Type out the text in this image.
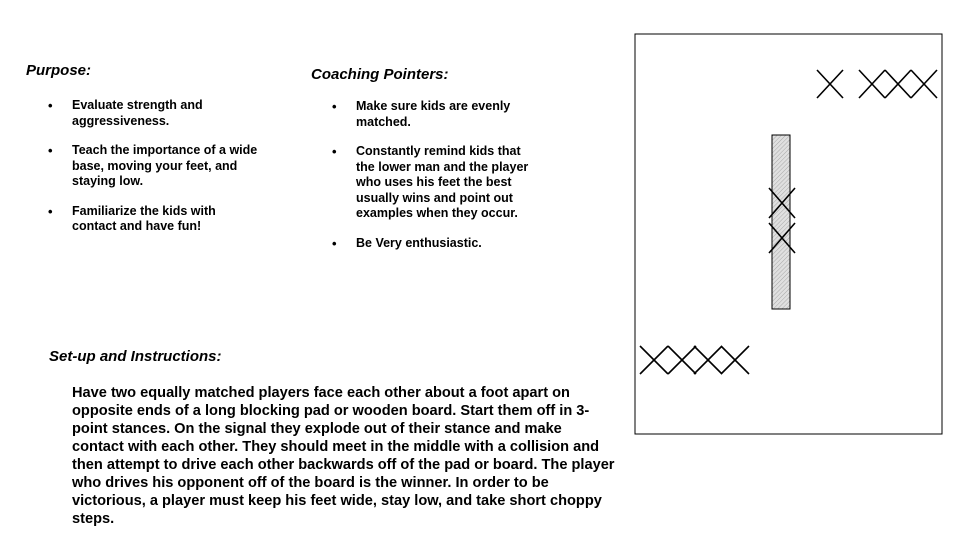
Purpose:
• Evaluate strength and aggressiveness.
• Teach the importance of a wide base, moving your feet, and staying low.
• Familiarize the kids with contact and have fun!
Coaching Pointers:
• Make sure kids are evenly matched.
• Constantly remind kids that the lower man and the player who uses his feet the best usually wins and point out examples when they occur.
• Be Very enthusiastic.
Set-up and Instructions:

Have two equally matched players face each other about a foot apart on opposite ends of a long blocking pad or wooden board. Start them off in 3-point stances. On the signal they explode out of their stance and make contact with each other. They should meet in the middle with a collision and then attempt to drive each other backwards off of the pad or board. The player who drives his opponent off of the board is the winner. In order to be victorious, a player must keep his feet wide, stay low, and take short choppy steps.
